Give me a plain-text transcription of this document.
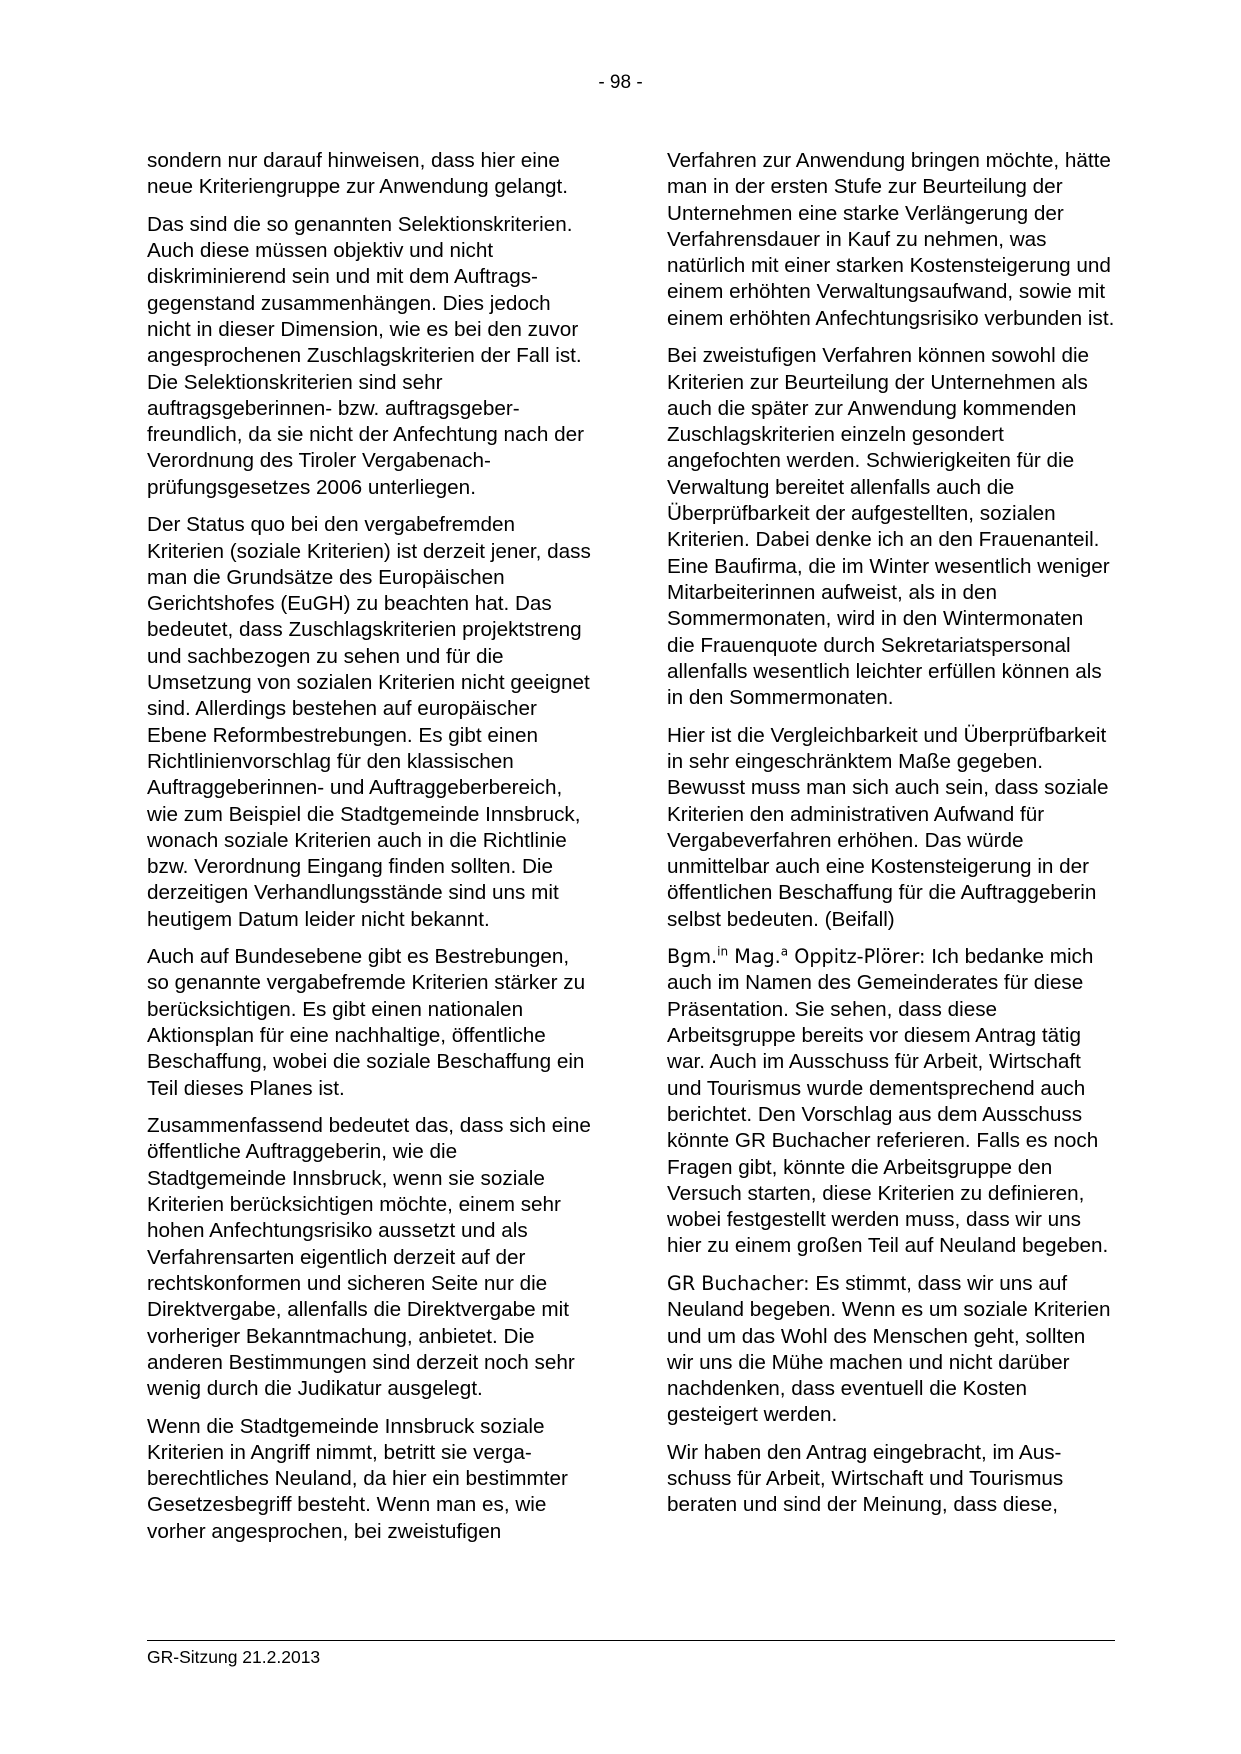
- 98 -

sondern nur darauf hinweisen, dass hier eine neue Kriteriengruppe zur Anwendung gelangt.

Das sind die so genannten Selektionskriterien. Auch diese müssen objektiv und nicht diskriminierend sein und mit dem Auftragsgegenstand zusammenhängen. Dies jedoch nicht in dieser Dimension, wie es bei den zuvor angesprochenen Zuschlagskriterien der Fall ist. Die Selektionskriterien sind sehr auftragsgeberinnen- bzw. auftragsgeberfreundlich, da sie nicht der Anfechtung nach der Verordnung des Tiroler Vergabenachprüfungsgesetzes 2006 unterliegen.

Der Status quo bei den vergabefremden Kriterien (soziale Kriterien) ist derzeit jener, dass man die Grundsätze des Europäischen Gerichtshofes (EuGH) zu beachten hat. Das bedeutet, dass Zuschlagskriterien projektstreng und sachbezogen zu sehen und für die Umsetzung von sozialen Kriterien nicht geeignet sind. Allerdings bestehen auf europäischer Ebene Reformbestrebungen. Es gibt einen Richtlinienvorschlag für den klassischen Auftraggeberinnen- und Auftraggeberbereich, wie zum Beispiel die Stadtgemeinde Innsbruck, wonach soziale Kriterien auch in die Richtlinie bzw. Verordnung Eingang finden sollten. Die derzeitigen Verhandlungsstände sind uns mit heutigem Datum leider nicht bekannt.

Auch auf Bundesebene gibt es Bestrebungen, so genannte vergabefremde Kriterien stärker zu berücksichtigen. Es gibt einen nationalen Aktionsplan für eine nachhaltige, öffentliche Beschaffung, wobei die soziale Beschaffung ein Teil dieses Planes ist.

Zusammenfassend bedeutet das, dass sich eine öffentliche Auftraggeberin, wie die Stadtgemeinde Innsbruck, wenn sie soziale Kriterien berücksichtigen möchte, einem sehr hohen Anfechtungsrisiko aussetzt und als Verfahrensarten eigentlich derzeit auf der rechtskonformen und sicheren Seite nur die Direktvergabe, allenfalls die Direktvergabe mit vorheriger Bekanntmachung, anbietet. Die anderen Bestimmungen sind derzeit noch sehr wenig durch die Judikatur ausgelegt.

Wenn die Stadtgemeinde Innsbruck soziale Kriterien in Angriff nimmt, betritt sie vergaberechtliches Neuland, da hier ein bestimmter Gesetzesbegriff besteht. Wenn man es, wie vorher angesprochen, bei zweistufigen

Verfahren zur Anwendung bringen möchte, hätte man in der ersten Stufe zur Beurteilung der Unternehmen eine starke Verlängerung der Verfahrensdauer in Kauf zu nehmen, was natürlich mit einer starken Kostensteigerung und einem erhöhten Verwaltungsaufwand, sowie mit einem erhöhten Anfechtungsrisiko verbunden ist.

Bei zweistufigen Verfahren können sowohl die Kriterien zur Beurteilung der Unternehmen als auch die später zur Anwendung kommenden Zuschlagskriterien einzeln gesondert angefochten werden. Schwierigkeiten für die Verwaltung bereitet allenfalls auch die Überprüfbarkeit der aufgestellten, sozialen Kriterien. Dabei denke ich an den Frauenanteil. Eine Baufirma, die im Winter wesentlich weniger Mitarbeiterinnen aufweist, als in den Sommermonaten, wird in den Wintermonaten die Frauenquote durch Sekretariatspersonal allenfalls wesentlich leichter erfüllen können als in den Sommermonaten.

Hier ist die Vergleichbarkeit und Überprüfbarkeit in sehr eingeschränktem Maße gegeben. Bewusst muss man sich auch sein, dass soziale Kriterien den administrativen Aufwand für Vergabeverfahren erhöhen. Das würde unmittelbar auch eine Kostensteigerung in der öffentlichen Beschaffung für die Auftraggeberin selbst bedeuten. (Beifall)

Bgm.$^{in}$ Mag.$^a$ Oppitz-Plörer: Ich bedanke mich auch im Namen des Gemeinderates für diese Präsentation. Sie sehen, dass diese Arbeitsgruppe bereits vor diesem Antrag tätig war. Auch im Ausschuss für Arbeit, Wirtschaft und Tourismus wurde dementsprechend auch berichtet. Den Vorschlag aus dem Ausschuss könnte GR Buchacher referieren. Falls es noch Fragen gibt, könnte die Arbeitsgruppe den Versuch starten, diese Kriterien zu definieren, wobei festgestellt werden muss, dass wir uns hier zu einem großen Teil auf Neuland begeben.

GR Buchacher: Es stimmt, dass wir uns auf Neuland begeben. Wenn es um soziale Kriterien und um das Wohl des Menschen geht, sollten wir uns die Mühe machen und nicht darüber nachdenken, dass eventuell die Kosten gesteigert werden.

Wir haben den Antrag eingebracht, im Ausschuss für Arbeit, Wirtschaft und Tourismus beraten und sind der Meinung, dass diese,

GR-Sitzung 21.2.2013
